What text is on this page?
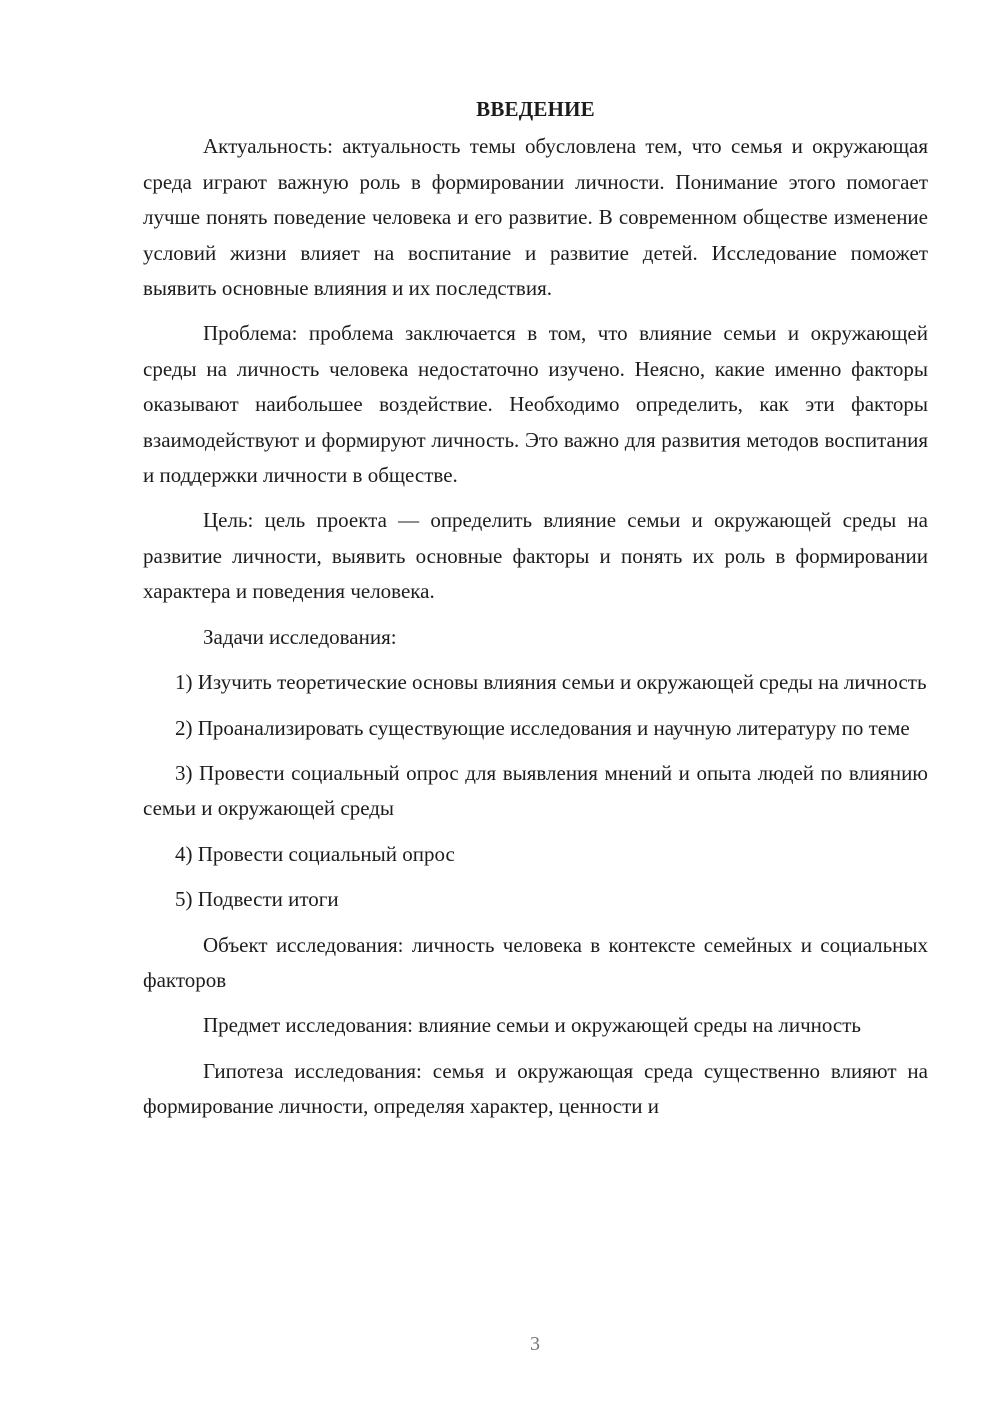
ВВЕДЕНИЕ

Актуальность: актуальность темы обусловлена тем, что семья и окружающая среда играют важную роль в формировании личности. Понимание этого помогает лучше понять поведение человека и его развитие. В современном обществе изменение условий жизни влияет на воспитание и развитие детей. Исследование поможет выявить основные влияния и их последствия.

Проблема: проблема заключается в том, что влияние семьи и окружающей среды на личность человека недостаточно изучено. Неясно, какие именно факторы оказывают наибольшее воздействие. Необходимо определить, как эти факторы взаимодействуют и формируют личность. Это важно для развития методов воспитания и поддержки личности в обществе.

Цель: цель проекта — определить влияние семьи и окружающей среды на развитие личности, выявить основные факторы и понять их роль в формировании характера и поведения человека.

Задачи исследования:

1) Изучить теоретические основы влияния семьи и окружающей среды на личность

2) Проанализировать существующие исследования и научную литературу по теме

3) Провести социальный опрос для выявления мнений и опыта людей по влиянию семьи и окружающей среды

4) Провести социальный опрос

5) Подвести итоги

Объект исследования: личность человека в контексте семейных и социальных факторов

Предмет исследования: влияние семьи и окружающей среды на личность

Гипотеза исследования: семья и окружающая среда существенно влияют на формирование личности, определяя характер, ценности и

3
